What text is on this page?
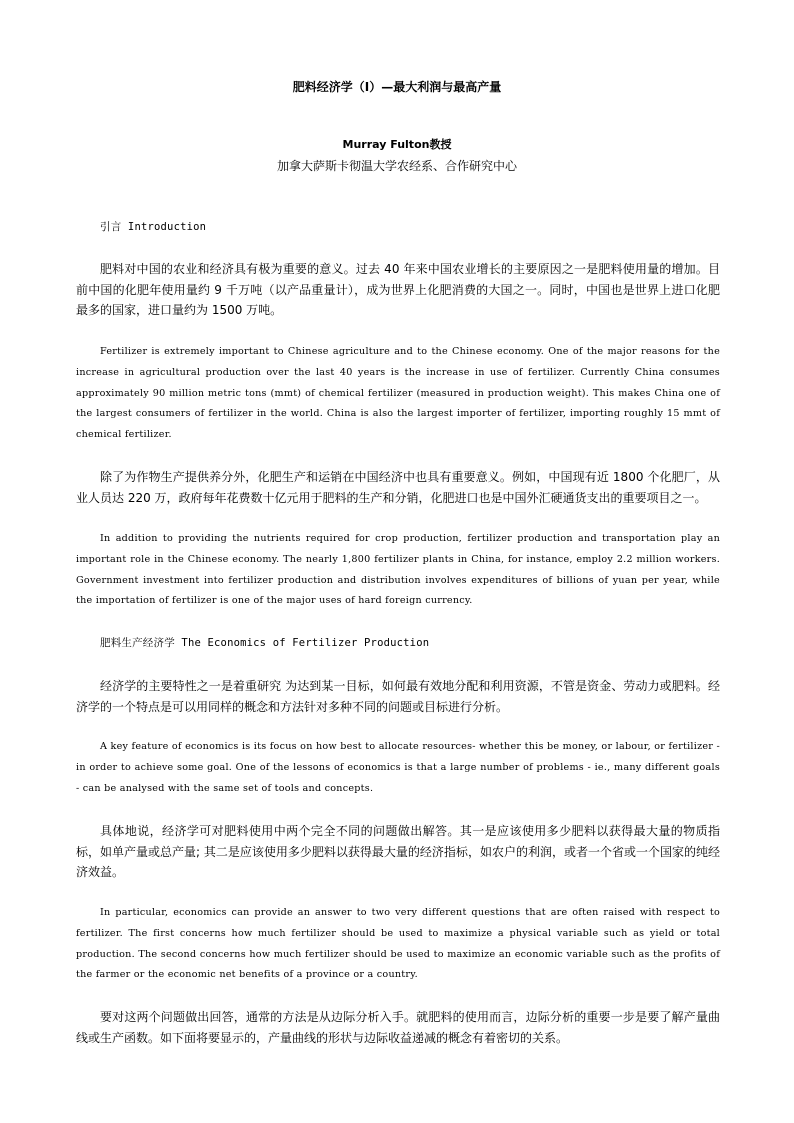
肥料经济学（Ⅰ）—最大利润与最高产量
Murray Fulton教授
加拿大萨斯卡彻温大学农经系、合作研究中心
引言 Introduction
肥料对中国的农业和经济具有极为重要的意义。过去 40 年来中国农业增长的主要原因之一是肥料使用量的增加。目前中国的化肥年使用量约 9 千万吨（以产品重量计），成为世界上化肥消费的大国之一。同时，中国也是世界上进口化肥最多的国家，进口量约为 1500 万吨。
Fertilizer is extremely important to Chinese agriculture and to the Chinese economy. One of the major reasons for the increase in agricultural production over the last 40 years is the increase in use of fertilizer. Currently China consumes approximately 90 million metric tons (mmt) of chemical fertilizer (measured in production weight). This makes China one of the largest consumers of fertilizer in the world. China is also the largest importer of fertilizer, importing roughly 15 mmt of chemical fertilizer.
除了为作物生产提供养分外，化肥生产和运销在中国经济中也具有重要意义。例如，中国现有近 1800 个化肥厂，从业人员达 220 万，政府每年花费数十亿元用于肥料的生产和分销，化肥进口也是中国外汇硬通货支出的重要项目之一。
In addition to providing the nutrients required for crop production, fertilizer production and transportation play an important role in the Chinese economy. The nearly 1,800 fertilizer plants in China, for instance, employ 2.2 million workers. Government investment into fertilizer production and distribution involves expenditures of billions of yuan per year, while the importation of fertilizer is one of the major uses of hard foreign currency.
肥料生产经济学 The Economics of Fertilizer Production
经济学的主要特性之一是着重研究 为达到某一目标，如何最有效地分配和利用资源，不管是资金、劳动力或肥料。经济学的一个特点是可以用同样的概念和方法针对多种不同的问题或目标进行分析。
A key feature of economics is its focus on how best to allocate resources- whether this be money, or labour, or fertilizer - in order to achieve some goal. One of the lessons of economics is that a large number of problems - ie., many different goals - can be analysed with the same set of tools and concepts.
具体地说，经济学可对肥料使用中两个完全不同的问题做出解答。其一是应该使用多少肥料以获得最大量的物质指标，如单产量或总产量; 其二是应该使用多少肥料以获得最大量的经济指标，如农户的利润，或者一个省或一个国家的纯经济效益。
In particular, economics can provide an answer to two very different questions that are often raised with respect to fertilizer. The first concerns how much fertilizer should be used to maximize a physical variable such as yield or total production. The second concerns how much fertilizer should be used to maximize an economic variable such as the profits of the farmer or the economic net benefits of a province or a country.
要对这两个问题做出回答，通常的方法是从边际分析入手。就肥料的使用而言，边际分析的重要一步是要了解产量曲线或生产函数。如下面将要显示的，产量曲线的形状与边际收益递减的概念有着密切的关系。
